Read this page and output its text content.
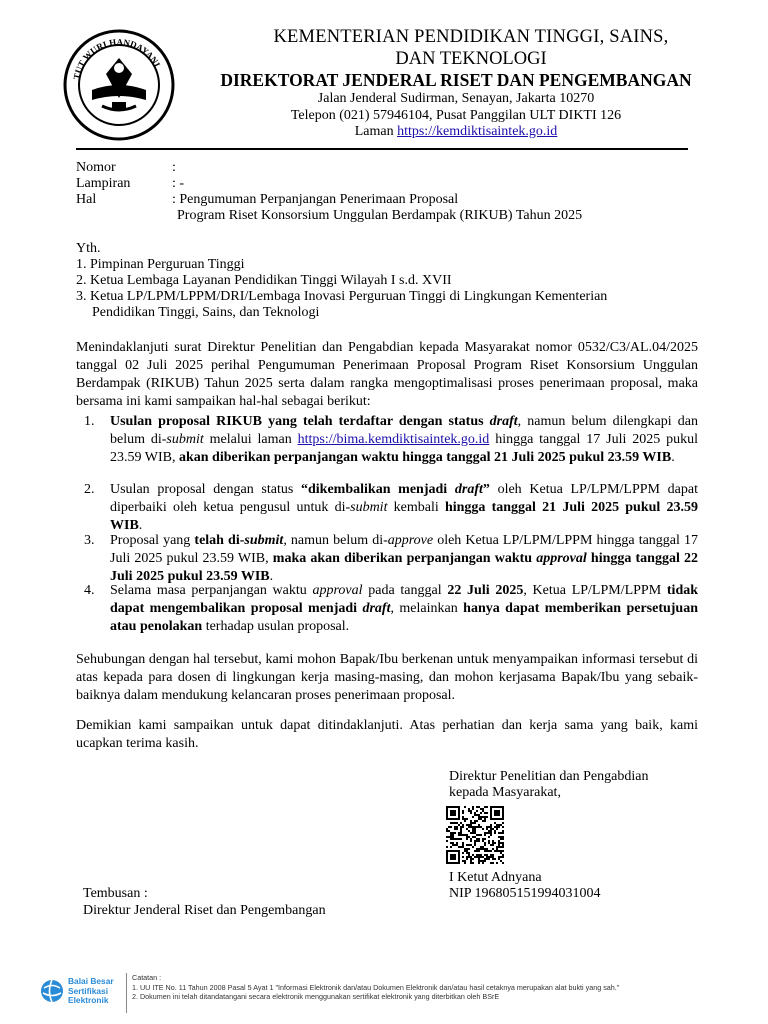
TUT WURI HANDAYANI
KEMENTERIAN PENDIDIKAN TINGGI, SAINS,
DAN TEKNOLOGI
DIREKTORAT JENDERAL RISET DAN PENGEMBANGAN
Jalan Jenderal Sudirman, Senayan, Jakarta 10270
Telepon (021) 57946104, Pusat Panggilan ULT DIKTI 126
Laman https://kemdiktisaintek.go.id
Nomor	:
Lampiran	: -
Hal	: Pengumuman Perpanjangan Penerimaan Proposal
Program Riset Konsorsium Unggulan Berdampak (RIKUB) Tahun 2025
Yth.
1. Pimpinan Perguruan Tinggi
2. Ketua Lembaga Layanan Pendidikan Tinggi Wilayah I s.d. XVII
3. Ketua LP/LPM/LPPM/DRI/Lembaga Inovasi Perguruan Tinggi di Lingkungan Kementerian
Pendidikan Tinggi, Sains, dan Teknologi
Menindaklanjuti surat Direktur Penelitian dan Pengabdian kepada Masyarakat nomor 0532/C3/AL.04/2025 tanggal 02 Juli 2025 perihal Pengumuman Penerimaan Proposal Program Riset Konsorsium Unggulan Berdampak (RIKUB) Tahun 2025 serta dalam rangka mengoptimalisasi proses penerimaan proposal, maka bersama ini kami sampaikan hal-hal sebagai berikut:
1. Usulan proposal RIKUB yang telah terdaftar dengan status draft, namun belum dilengkapi dan belum di-submit melalui laman https://bima.kemdiktisaintek.go.id hingga tanggal 17 Juli 2025 pukul 23.59 WIB, akan diberikan perpanjangan waktu hingga tanggal 21 Juli 2025 pukul 23.59 WIB.
2. Usulan proposal dengan status “dikembalikan menjadi draft” oleh Ketua LP/LPM/LPPM dapat diperbaiki oleh ketua pengusul untuk di-submit kembali hingga tanggal 21 Juli 2025 pukul 23.59 WIB.
3. Proposal yang telah di-submit, namun belum di-approve oleh Ketua LP/LPM/LPPM hingga tanggal 17 Juli 2025 pukul 23.59 WIB, maka akan diberikan perpanjangan waktu approval hingga tanggal 22 Juli 2025 pukul 23.59 WIB.
4. Selama masa perpanjangan waktu approval pada tanggal 22 Juli 2025, Ketua LP/LPM/LPPM tidak dapat mengembalikan proposal menjadi draft, melainkan hanya dapat memberikan persetujuan atau penolakan terhadap usulan proposal.
Sehubungan dengan hal tersebut, kami mohon Bapak/Ibu berkenan untuk menyampaikan informasi tersebut di atas kepada para dosen di lingkungan kerja masing-masing, dan mohon kerjasama Bapak/Ibu yang sebaik-baiknya dalam mendukung kelancaran proses penerimaan proposal.
Demikian kami sampaikan untuk dapat ditindaklanjuti. Atas perhatian dan kerja sama yang baik, kami ucapkan terima kasih.
Direktur Penelitian dan Pengabdian
kepada Masyarakat,
I Ketut Adnyana
NIP 196805151994031004
Tembusan :
Direktur Jenderal Riset dan Pengembangan
Balai Besar
Sertifikasi
Elektronik
Catatan :
1. UU ITE No. 11 Tahun 2008 Pasal 5 Ayat 1 "Informasi Elektronik dan/atau Dokumen Elektronik dan/atau hasil cetaknya merupakan alat bukti yang sah."
2. Dokumen ini telah ditandatangani secara elektronik menggunakan sertifikat elektronik yang diterbitkan oleh BSrE
